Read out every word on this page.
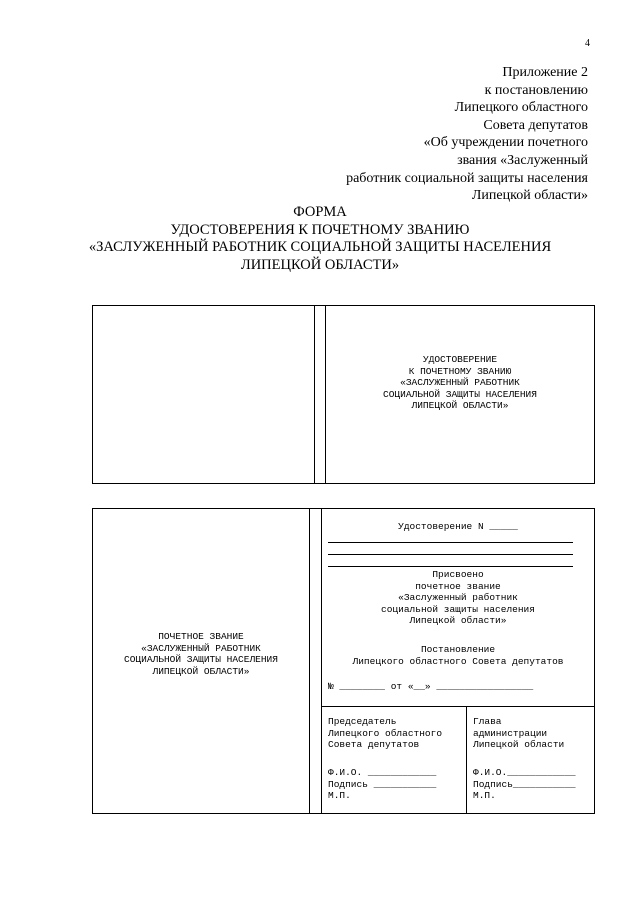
4
Приложение 2
к постановлению
Липецкого областного
Совета депутатов
«Об учреждении почетного
звания «Заслуженный
работник социальной защиты населения
Липецкой области»
ФОРМА
УДОСТОВЕРЕНИЯ К ПОЧЕТНОМУ ЗВАНИЮ
«ЗАСЛУЖЕННЫЙ РАБОТНИК СОЦИАЛЬНОЙ ЗАЩИТЫ НАСЕЛЕНИЯ
ЛИПЕЦКОЙ ОБЛАСТИ»
УДОСТОВЕРЕНИЕ
К ПОЧЕТНОМУ ЗВАНИЮ
«ЗАСЛУЖЕННЫЙ РАБОТНИК
СОЦИАЛЬНОЙ ЗАЩИТЫ НАСЕЛЕНИЯ
ЛИПЕЦКОЙ ОБЛАСТИ»
ПОЧЕТНОЕ ЗВАНИЕ
«ЗАСЛУЖЕННЫЙ РАБОТНИК
СОЦИАЛЬНОЙ ЗАЩИТЫ НАСЕЛЕНИЯ
ЛИПЕЦКОЙ ОБЛАСТИ»
Удостоверение N _____
Присвоено
почетное звание
«Заслуженный работник
социальной защиты населения
Липецкой области»
Постановление
Липецкого областного Совета депутатов
№ ________ от «__» _________________
Председатель
Липецкого областного
Совета депутатов
Ф.И.О. ____________
Подпись ___________
М.П.
Глава
администрации
Липецкой области
Ф.И.О.____________
Подпись___________
М.П.
